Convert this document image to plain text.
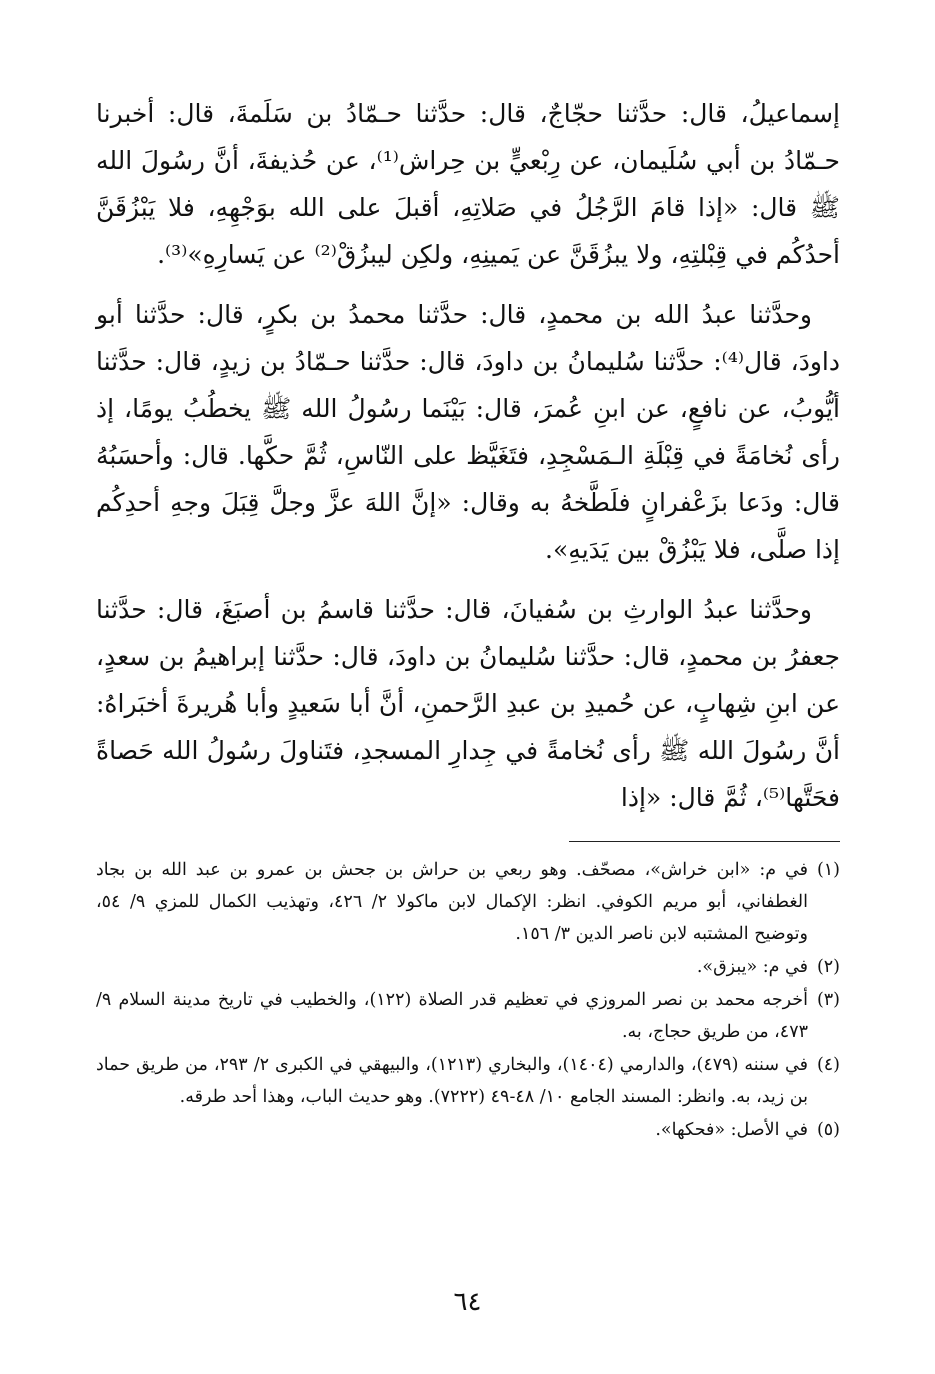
إسماعيلُ، قال: حدَّثنا حجّاجٌ، قال: حدَّثنا حـمّادُ بن سَلَمةَ، قال: أخبرنا حـمّادُ بن أبي سُلَيمان، عن رِبْعيٍّ بن حِراش⁽¹⁾، عن حُذيفةَ، أنَّ رسُولَ الله ﷺ قال: «إذا قامَ الرَّجُلُ في صَلاتِهِ، أقبلَ على الله بوَجْهِهِ، فلا يَبْزُقَنَّ أحدُكُم في قِبْلتِهِ، ولا يبزُقَنَّ عن يَمينِهِ، ولكِن ليبزُقْ⁽²⁾ عن يَسارِهِ»⁽³⁾.

وحدَّثنا عبدُ الله بن محمدٍ، قال: حدَّثنا محمدُ بن بكرٍ، قال: حدَّثنا أبو داودَ، قال⁽⁴⁾: حدَّثنا سُليمانُ بن داودَ، قال: حدَّثنا حـمّادُ بن زيدٍ، قال: حدَّثنا أيُّوبُ، عن نافعٍ، عن ابنِ عُمرَ، قال: بَيْنَما رسُولُ الله ﷺ يخطُبُ يومًا، إذ رأى نُخامَةً في قِبْلَةِ الـمَسْجِدِ، فتَغَيَّظ على النّاسِ، ثُمَّ حكَّها. قال: وأحسَبُهُ قال: ودَعا بزَعْفرانٍ فلَطَّخهُ به وقال: «إنَّ اللهَ عزَّ وجلَّ قِبَلَ وجهِ أحدِكُم إذا صلَّى، فلا يَبْزُقْ بين يَدَيهِ».

وحدَّثنا عبدُ الوارثِ بن سُفيانَ، قال: حدَّثنا قاسمُ بن أصبَغَ، قال: حدَّثنا جعفرُ بن محمدٍ، قال: حدَّثنا سُليمانُ بن داودَ، قال: حدَّثنا إبراهيمُ بن سعدٍ، عن ابنِ شِهابٍ، عن حُميدِ بن عبدِ الرَّحمنِ، أنَّ أبا سَعيدٍ وأبا هُريرةَ أخبَراهُ: أنَّ رسُولَ الله ﷺ رأى نُخامةً في جِدارِ المسجدِ، فتَناولَ رسُولُ الله حَصاةً فحَتَّها⁽⁵⁾، ثُمَّ قال: «إذا

(١)
في م: «ابن خراش»، مصحّف. وهو ربعي بن حراش بن جحش بن عمرو بن عبد الله بن بجاد الغطفاني، أبو مريم الكوفي. انظر: الإكمال لابن ماكولا ٢/ ٤٢٦، وتهذيب الكمال للمزي ٩/ ٥٤، وتوضيح المشتبه لابن ناصر الدين ٣/ ١٥٦.
(٢)
في م: «يبزق».
(٣)
أخرجه محمد بن نصر المروزي في تعظيم قدر الصلاة (١٢٢)، والخطيب في تاريخ مدينة السلام ٩/ ٤٧٣، من طريق حجاج، به.
(٤)
في سننه (٤٧٩)، والدارمي (١٤٠٤)، والبخاري (١٢١٣)، والبيهقي في الكبرى ٢/ ٢٩٣، من طريق حماد بن زيد، به. وانظر: المسند الجامع ١٠/ ٤٨-٤٩ (٧٢٢٢). وهو حديث الباب، وهذا أحد طرقه.
(٥)
في الأصل: «فحكها».
٦٤
